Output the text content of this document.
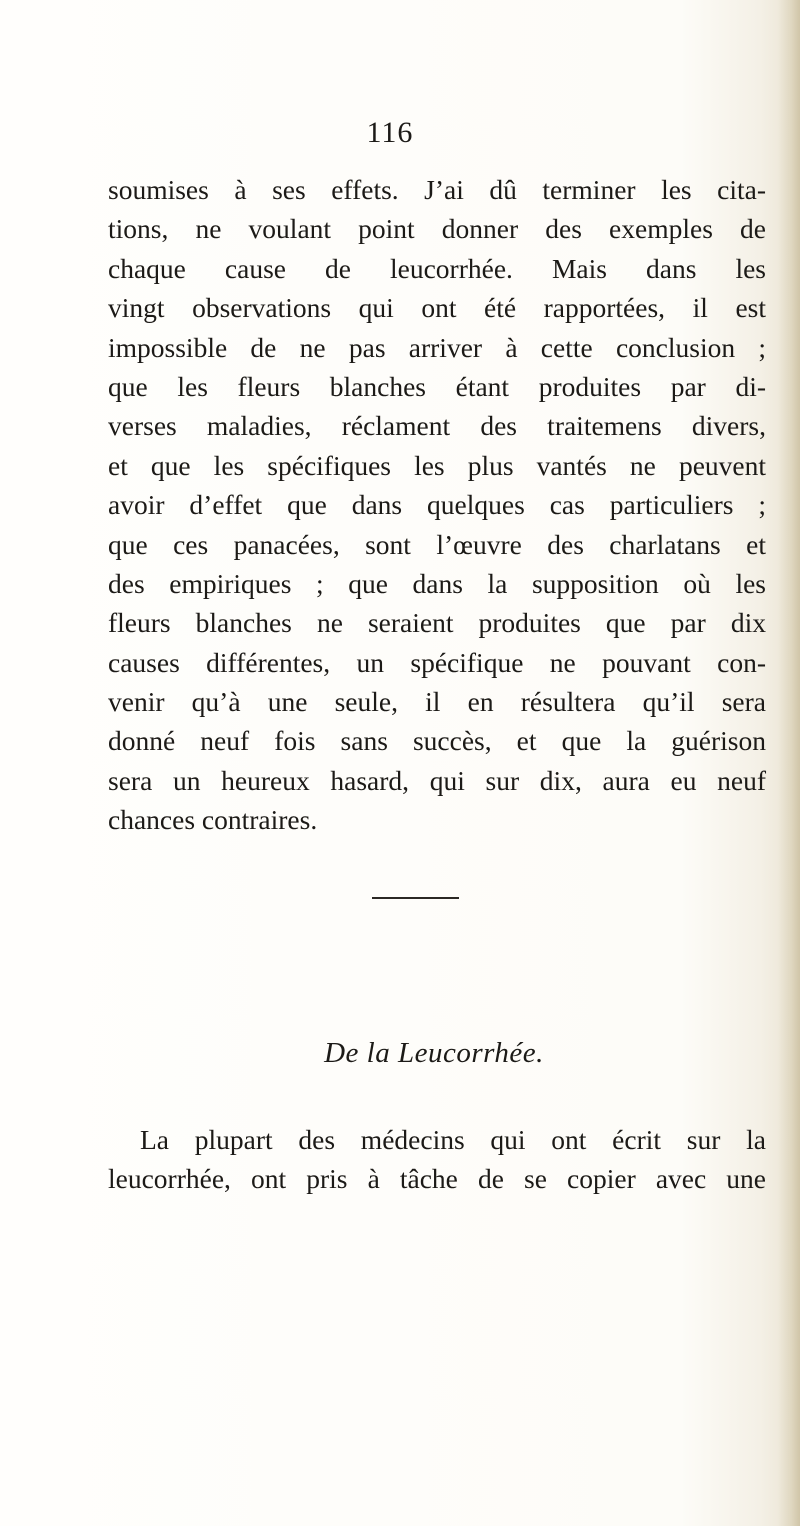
116
soumises à ses effets. J’ai dû terminer les cita-
tions, ne voulant point donner des exemples de
chaque cause de leucorrhée. Mais dans les
vingt observations qui ont été rapportées, il est
impossible de ne pas arriver à cette conclusion ;
que les fleurs blanches étant produites par di-
verses maladies, réclament des traitemens divers,
et que les spécifiques les plus vantés ne peuvent
avoir d’effet que dans quelques cas particuliers ;
que ces panacées, sont l’œuvre des charlatans et
des empiriques ; que dans la supposition où les
fleurs blanches ne seraient produites que par dix
causes différentes, un spécifique ne pouvant con-
venir qu’à une seule, il en résultera qu’il sera
donné neuf fois sans succès, et que la guérison
sera un heureux hasard, qui sur dix, aura eu neuf
chances contraires.
De la Leucorrhée.
La plupart des médecins qui ont écrit sur la
leucorrhée, ont pris à tâche de se copier avec une
